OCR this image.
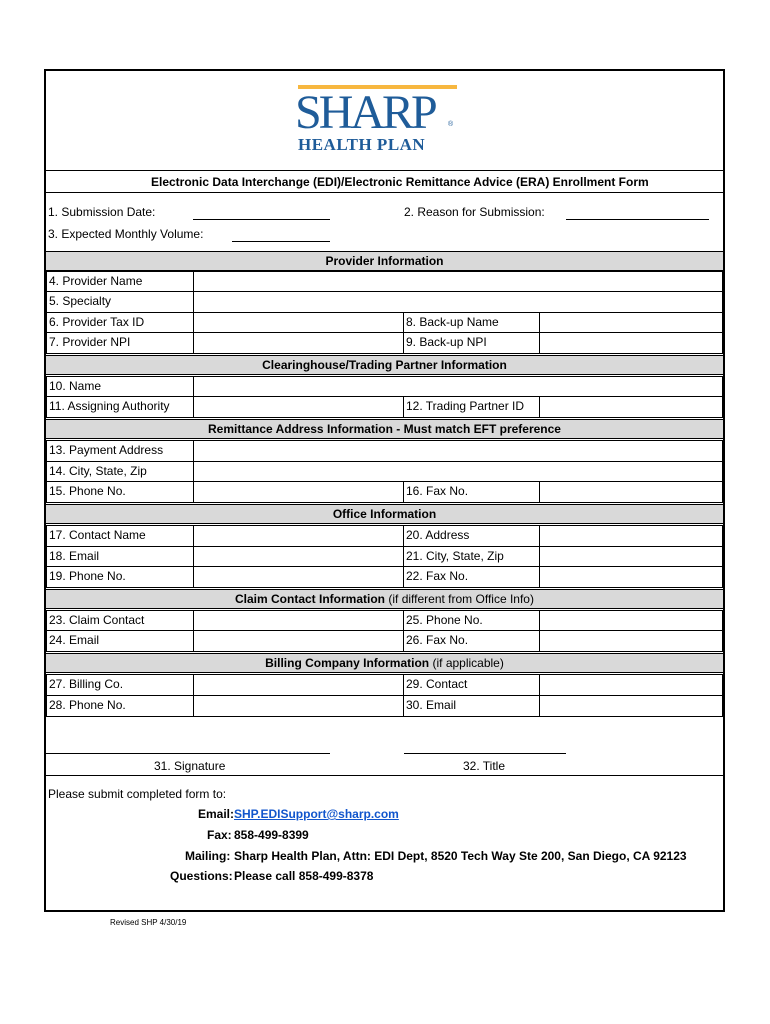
SHARP	®
HEALTH PLAN
Electronic Data Interchange (EDI)/Electronic Remittance Advice (ERA) Enrollment Form
1. Submission Date:	2. Reason for Submission:
3. Expected Monthly Volume:
Provider Information
4. Provider Name
5. Specialty
6. Provider Tax ID	8. Back-up Name
7. Provider NPI	9. Back-up NPI
Clearinghouse/Trading Partner Information
10. Name
11. Assigning Authority	12. Trading Partner ID
Remittance Address Information - Must match EFT preference
13. Payment Address
14. City, State, Zip
15. Phone No.	16. Fax No.
Office Information
17. Contact Name	20. Address
18. Email	21. City, State, Zip
19. Phone No.	22. Fax No.
Claim Contact Information (if different from Office Info)
23. Claim Contact	25. Phone No.
24. Email	26. Fax No.
Billing Company Information (if applicable)
27. Billing Co.	29. Contact
28. Phone No.	30. Email
31. Signature	32. Title
Please submit completed form to:
Email: SHP.EDISupport@sharp.com
Fax: 858-499-8399
Mailing: Sharp Health Plan, Attn: EDI Dept, 8520 Tech Way Ste 200, San Diego, CA 92123
Questions: Please call 858-499-8378
Revised SHP 4/30/19
